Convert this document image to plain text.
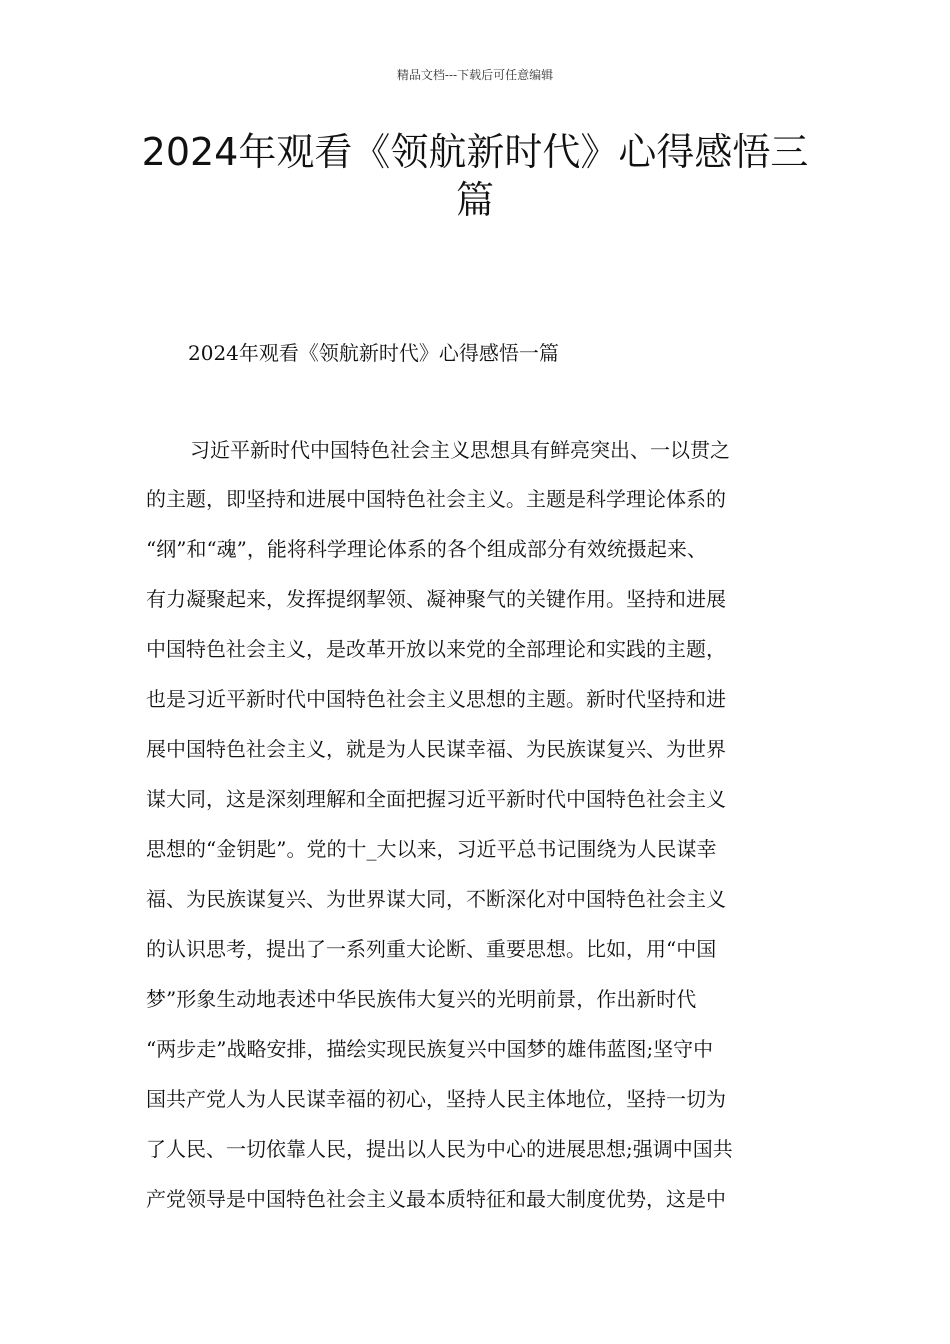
精品文档---下载后可任意编辑
2024年观看《领航新时代》心得感悟三
篇
2024年观看《领航新时代》心得感悟一篇
习近平新时代中国特色社会主义思想具有鲜亮突出、一以贯之
的主题，即坚持和进展中国特色社会主义。主题是科学理论体系的
“纲”和“魂”，能将科学理论体系的各个组成部分有效统摄起来、
有力凝聚起来，发挥提纲挈领、凝神聚气的关键作用。坚持和进展
中国特色社会主义，是改革开放以来党的全部理论和实践的主题，
也是习近平新时代中国特色社会主义思想的主题。新时代坚持和进
展中国特色社会主义，就是为人民谋幸福、为民族谋复兴、为世界
谋大同，这是深刻理解和全面把握习近平新时代中国特色社会主义
思想的“金钥匙”。党的十_大以来，习近平总书记围绕为人民谋幸
福、为民族谋复兴、为世界谋大同，不断深化对中国特色社会主义
的认识思考，提出了一系列重大论断、重要思想。比如，用“中国
梦”形象生动地表述中华民族伟大复兴的光明前景，作出新时代
“两步走”战略安排，描绘实现民族复兴中国梦的雄伟蓝图;坚守中
国共产党人为人民谋幸福的初心，坚持人民主体地位，坚持一切为
了人民、一切依靠人民，提出以人民为中心的进展思想;强调中国共
产党领导是中国特色社会主义最本质特征和最大制度优势，这是中
